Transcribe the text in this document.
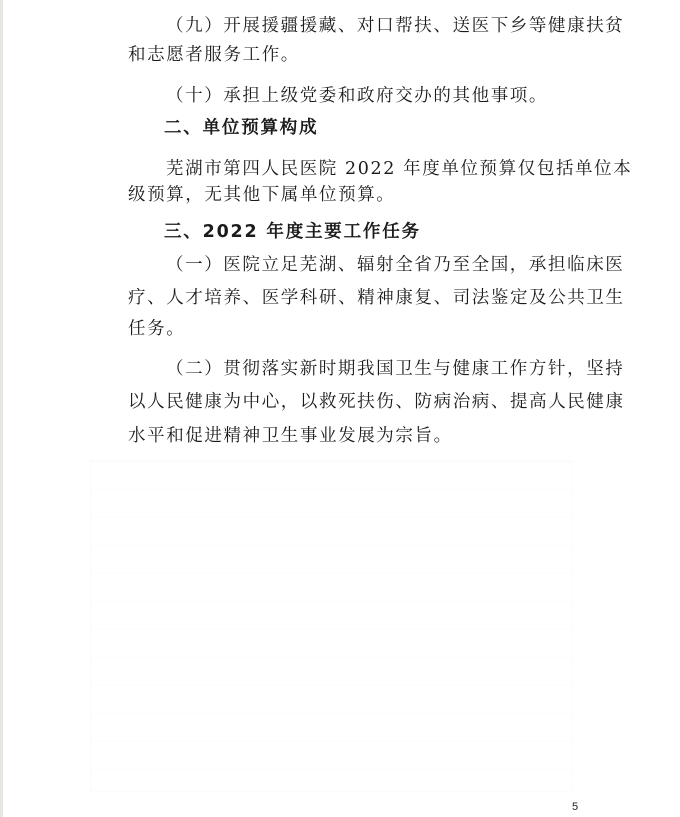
（九）开展援疆援藏、对口帮扶、送医下乡等健康扶贫
和志愿者服务工作。
（十）承担上级党委和政府交办的其他事项。
二、单位预算构成
芜湖市第四人民医院 2022 年度单位预算仅包括单位本
级预算，无其他下属单位预算。
三、2022 年度主要工作任务
（一）医院立足芜湖、辐射全省乃至全国，承担临床医
疗、人才培养、医学科研、精神康复、司法鉴定及公共卫生
任务。
（二）贯彻落实新时期我国卫生与健康工作方针，坚持
以人民健康为中心，以救死扶伤、防病治病、提高人民健康
水平和促进精神卫生事业发展为宗旨。
5
